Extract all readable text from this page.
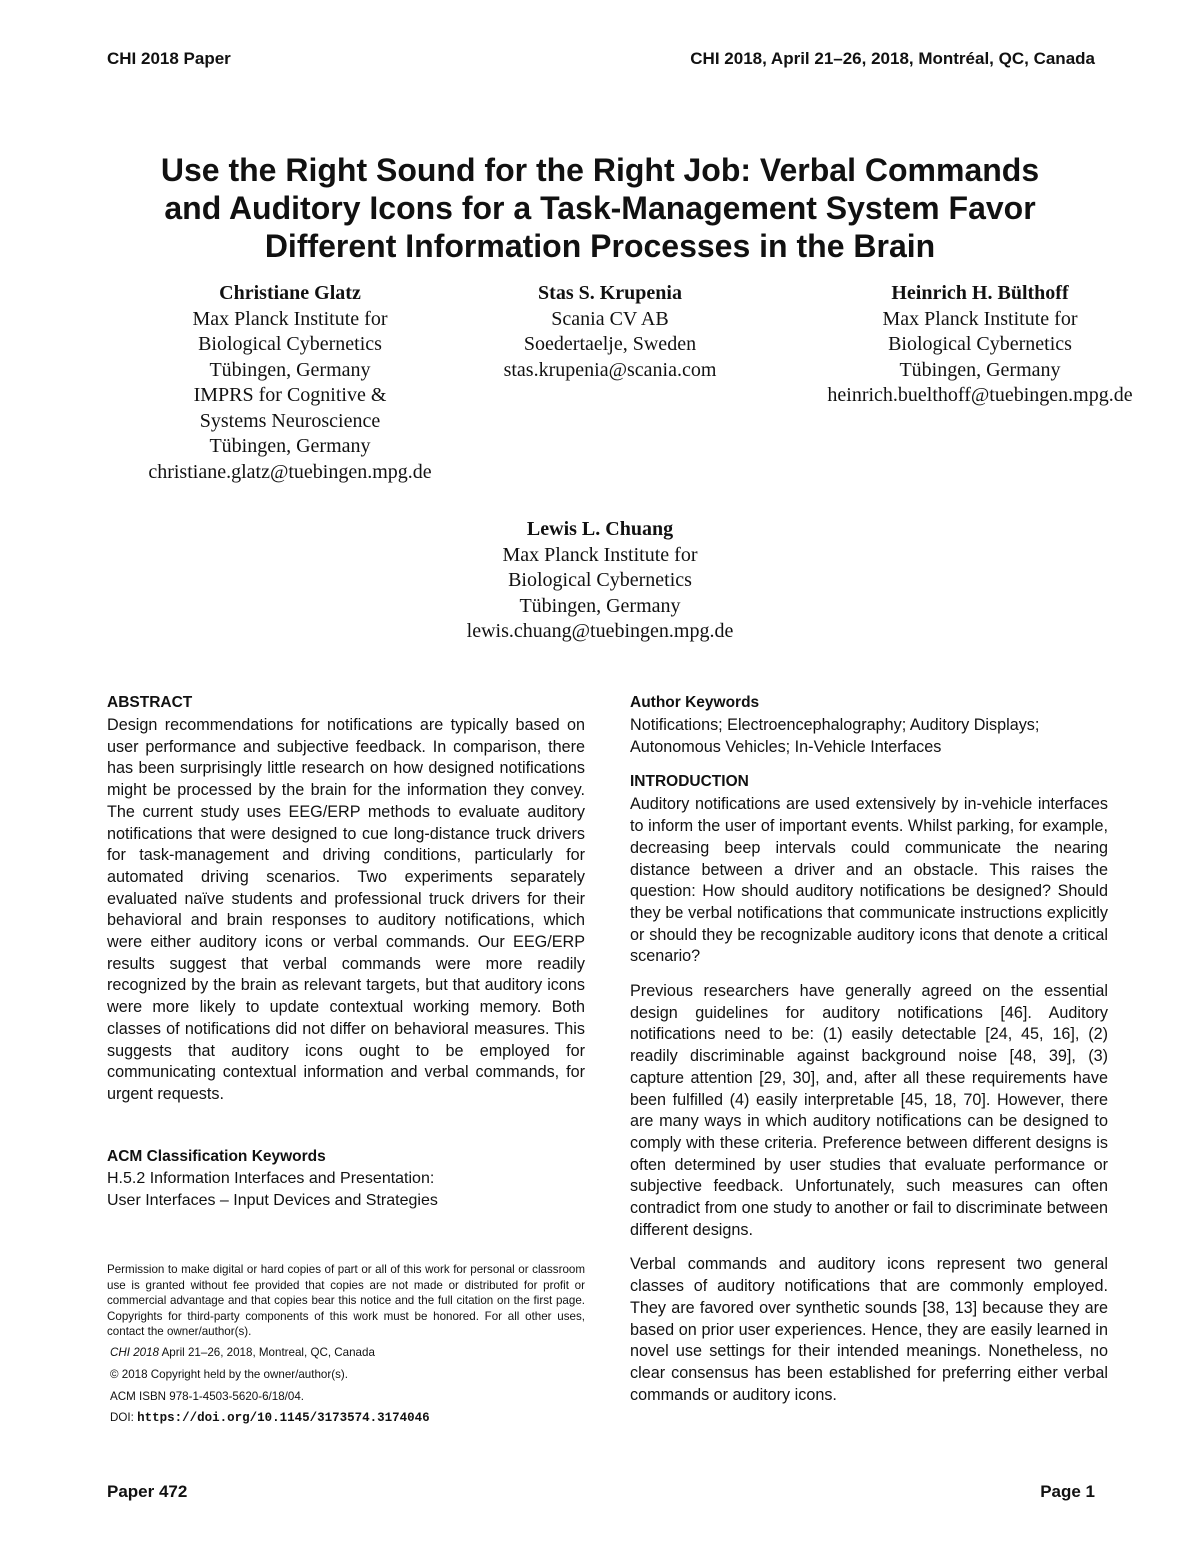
CHI 2018 Paper	CHI 2018, April 21–26, 2018, Montréal, QC, Canada
Use the Right Sound for the Right Job: Verbal Commands
and Auditory Icons for a Task-Management System Favor
Different Information Processes in the Brain
Christiane Glatz
Max Planck Institute for
Biological Cybernetics
Tübingen, Germany
IMPRS for Cognitive &
Systems Neuroscience
Tübingen, Germany
christiane.glatz@tuebingen.mpg.de
Stas S. Krupenia
Scania CV AB
Soedertaelje, Sweden
stas.krupenia@scania.com
Heinrich H. Bülthoff
Max Planck Institute for
Biological Cybernetics
Tübingen, Germany
heinrich.buelthoff@tuebingen.mpg.de
Lewis L. Chuang
Max Planck Institute for
Biological Cybernetics
Tübingen, Germany
lewis.chuang@tuebingen.mpg.de
ABSTRACT

Design recommendations for notifications are typically based on user performance and subjective feedback. In comparison, there has been surprisingly little research on how designed notifications might be processed by the brain for the information they convey. The current study uses EEG/ERP methods to evaluate auditory notifications that were designed to cue long-distance truck drivers for task-management and driving conditions, particularly for automated driving scenarios. Two experiments separately evaluated naïve students and professional truck drivers for their behavioral and brain responses to auditory notifications, which were either auditory icons or verbal commands. Our EEG/ERP results suggest that verbal commands were more readily recognized by the brain as relevant targets, but that auditory icons were more likely to update contextual working memory. Both classes of notifications did not differ on behavioral measures. This suggests that auditory icons ought to be employed for communicating contextual information and verbal commands, for urgent requests.

ACM Classification Keywords
H.5.2 Information Interfaces and Presentation:
User Interfaces – Input Devices and Strategies
Permission to make digital or hard copies of part or all of this work for personal or classroom use is granted without fee provided that copies are not made or distributed for profit or commercial advantage and that copies bear this notice and the full citation on the first page. Copyrights for third-party components of this work must be honored. For all other uses, contact the owner/author(s).
CHI 2018 April 21–26, 2018, Montreal, QC, Canada
© 2018 Copyright held by the owner/author(s).
ACM ISBN 978-1-4503-5620-6/18/04.
DOI: https://doi.org/10.1145/3173574.3174046
Author Keywords

Notifications; Electroencephalography; Auditory Displays; Autonomous Vehicles; In-Vehicle Interfaces

INTRODUCTION

Auditory notifications are used extensively by in-vehicle interfaces to inform the user of important events. Whilst parking, for example, decreasing beep intervals could communicate the nearing distance between a driver and an obstacle. This raises the question: How should auditory notifications be designed? Should they be verbal notifications that communicate instructions explicitly or should they be recognizable auditory icons that denote a critical scenario?

Previous researchers have generally agreed on the essential design guidelines for auditory notifications [46]. Auditory notifications need to be: (1) easily detectable [24, 45, 16], (2) readily discriminable against background noise [48, 39], (3) capture attention [29, 30], and, after all these requirements have been fulfilled (4) easily interpretable [45, 18, 70]. However, there are many ways in which auditory notifications can be designed to comply with these criteria. Preference between different designs is often determined by user studies that evaluate performance or subjective feedback. Unfortunately, such measures can often contradict from one study to another or fail to discriminate between different designs.

Verbal commands and auditory icons represent two general classes of auditory notifications that are commonly employed. They are favored over synthetic sounds [38, 13] because they are based on prior user experiences. Hence, they are easily learned in novel use settings for their intended meanings. Nonetheless, no clear consensus has been established for preferring either verbal commands or auditory icons.

Paper 472	Page 1
